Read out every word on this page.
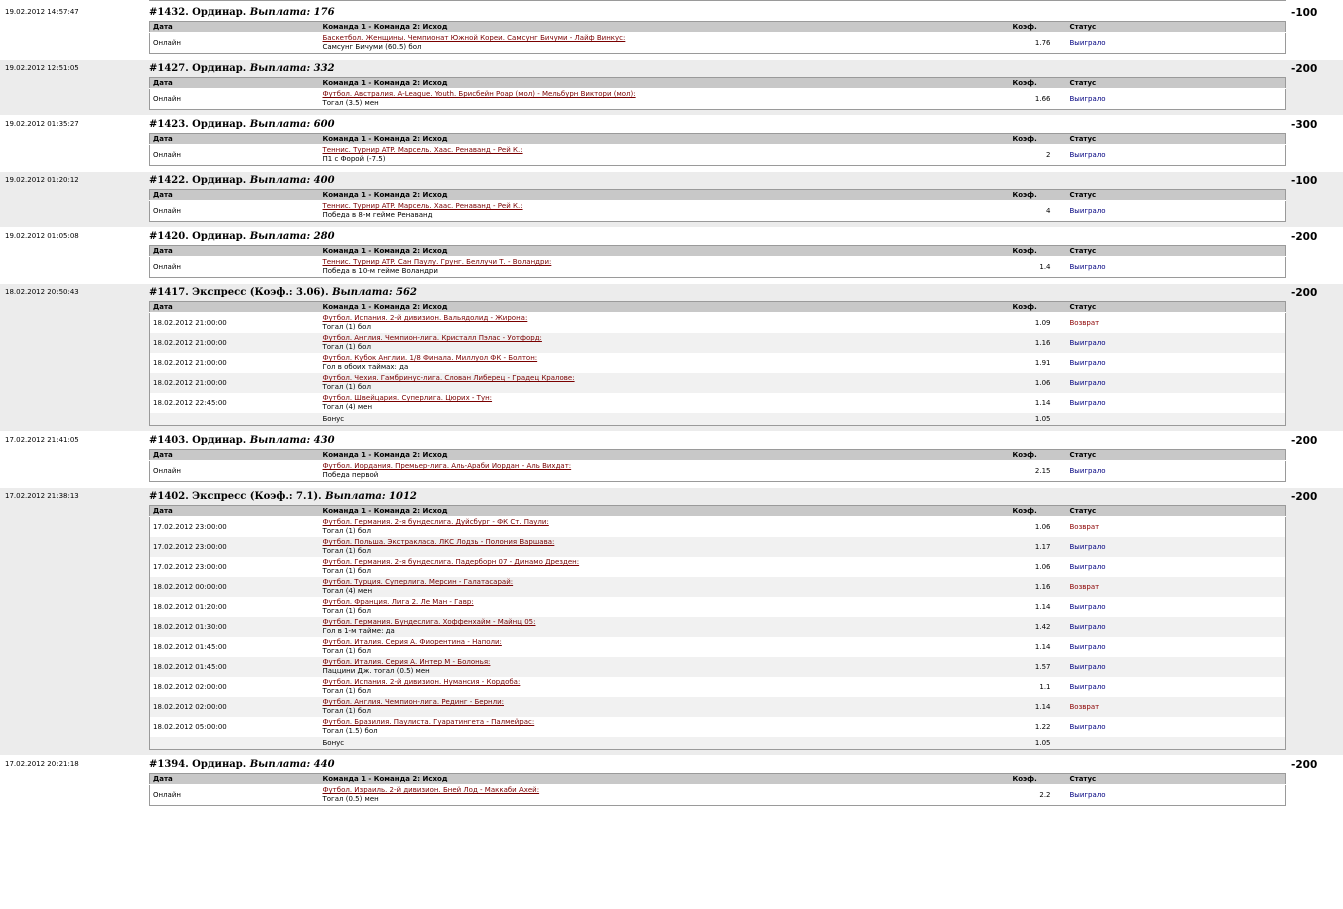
19.02.2012 14:57:47	#1432. Ординар. Выплата: 176
Дата	Команда 1 - Команда 2: Исход	Коэф.	Статус
Онлайн	Баскетбол. Женщины. Чемпионат Южной Кореи. Самсунг Бичуми - Лайф Винкус:
Самсунг Бичуми (60.5) бол	1.76	Выиграло
-100
19.02.2012 12:51:05	#1427. Ординар. Выплата: 332
Дата	Команда 1 - Команда 2: Исход	Коэф.	Статус
Онлайн	Футбол. Австралия. A-League. Youth. Брисбейн Роар (мол) - Мельбурн Виктори (мол):
Тогал (3.5) мен	1.66	Выиграло
-200
19.02.2012 01:35:27	#1423. Ординар. Выплата: 600
Дата	Команда 1 - Команда 2: Исход	Коэф.	Статус
Онлайн	Теннис. Турнир ATP. Марсель. Хаас. Ренаванд - Рей К.:
П1 с Форой (-7.5)	2	Выиграло
-300
19.02.2012 01:20:12	#1422. Ординар. Выплата: 400
Дата	Команда 1 - Команда 2: Исход	Коэф.	Статус
Онлайн	Теннис. Турнир ATP. Марсель. Хаас. Ренаванд - Рей К.:
Победа в 8-м гейме Ренаванд	4	Выиграло
-100
19.02.2012 01:05:08	#1420. Ординар. Выплата: 280
Дата	Команда 1 - Команда 2: Исход	Коэф.	Статус
Онлайн	Теннис. Турнир ATP. Сан Паулу. Грунг. Беллучи Т. - Воландри:
Победа в 10-м гейме Воландри	1.4	Выиграло
-200
18.02.2012 20:50:43	#1417. Экспресс (Коэф.: 3.06). Выплата: 562
Дата	Команда 1 - Команда 2: Исход	Коэф.	Статус
18.02.2012 21:00:00	Футбол. Испания. 2-й дивизион. Вальядолид - Жирона:
Тогал (1) бол	1.09	Возврат
18.02.2012 21:00:00	Футбол. Англия. Чемпион-лига. Кристалл Пэлас - Уотфорд:
Тогал (1) бол	1.16	Выиграло
18.02.2012 21:00:00	Футбол. Кубок Англии. 1/8 Финала. Миллуол ФК - Болтон:
Гол в обоих таймах: да	1.91	Выиграло
18.02.2012 21:00:00	Футбол. Чехия. Гамбринус-лига. Слован Либерец - Градец Кралове:
Тогал (1) бол	1.06	Выиграло
18.02.2012 22:45:00	Футбол. Швейцария. Суперлига. Цюрих - Тун:
Тогал (4) мен	1.14	Выиграло
	Бонус	1.05	
-200
17.02.2012 21:41:05	#1403. Ординар. Выплата: 430
Дата	Команда 1 - Команда 2: Исход	Коэф.	Статус
Онлайн	Футбол. Иордания. Премьер-лига. Аль-Араби Иордан - Аль Вихдат:
Победа первой	2.15	Выиграло
-200
17.02.2012 21:38:13	#1402. Экспресс (Коэф.: 7.1). Выплата: 1012
Дата	Команда 1 - Команда 2: Исход	Коэф.	Статус
17.02.2012 23:00:00	Футбол. Германия. 2-я бундеслига. Дуйсбург - ФК Ст. Паули:
Тогал (1) бол	1.06	Возврат
17.02.2012 23:00:00	Футбол. Польша. Экстракласа. ЛКС Лодзь - Полония Варшава:
Тогал (1) бол	1.17	Выиграло
17.02.2012 23:00:00	Футбол. Германия. 2-я бундеслига. Падерборн 07 - Динамо Дрезден:
Тогал (1) бол	1.06	Выиграло
18.02.2012 00:00:00	Футбол. Турция. Суперлига. Мерсин - Галатасарай:
Тогал (4) мен	1.16	Возврат
18.02.2012 01:20:00	Футбол. Франция. Лига 2. Ле Ман - Гавр:
Тогал (1) бол	1.14	Выиграло
18.02.2012 01:30:00	Футбол. Германия. Бундеслига. Хоффенхайм - Майнц 05:
Гол в 1-м тайме: да	1.42	Выиграло
18.02.2012 01:45:00	Футбол. Италия. Серия А. Фиорентина - Наполи:
Тогал (1) бол	1.14	Выиграло
18.02.2012 01:45:00	Футбол. Италия. Серия А. Интер М - Болонья:
Паццини Дж. тогал (0.5) мен	1.57	Выиграло
18.02.2012 02:00:00	Футбол. Испания. 2-й дивизион. Нумансия - Кордоба:
Тогал (1) бол	1.1	Выиграло
18.02.2012 02:00:00	Футбол. Англия. Чемпион-лига. Рединг - Бернли:
Тогал (1) бол	1.14	Возврат
18.02.2012 05:00:00	Футбол. Бразилия. Паулиста. Гуаратингета - Палмейрас:
Тогал (1.5) бол	1.22	Выиграло
	Бонус	1.05	
-200
17.02.2012 20:21:18	#1394. Ординар. Выплата: 440
Дата	Команда 1 - Команда 2: Исход	Коэф.	Статус
Онлайн	Футбол. Израиль. 2-й дивизион. Бней Лод - Маккаби Ахей:
Тогал (0.5) мен	2.2	Выиграло
-200
